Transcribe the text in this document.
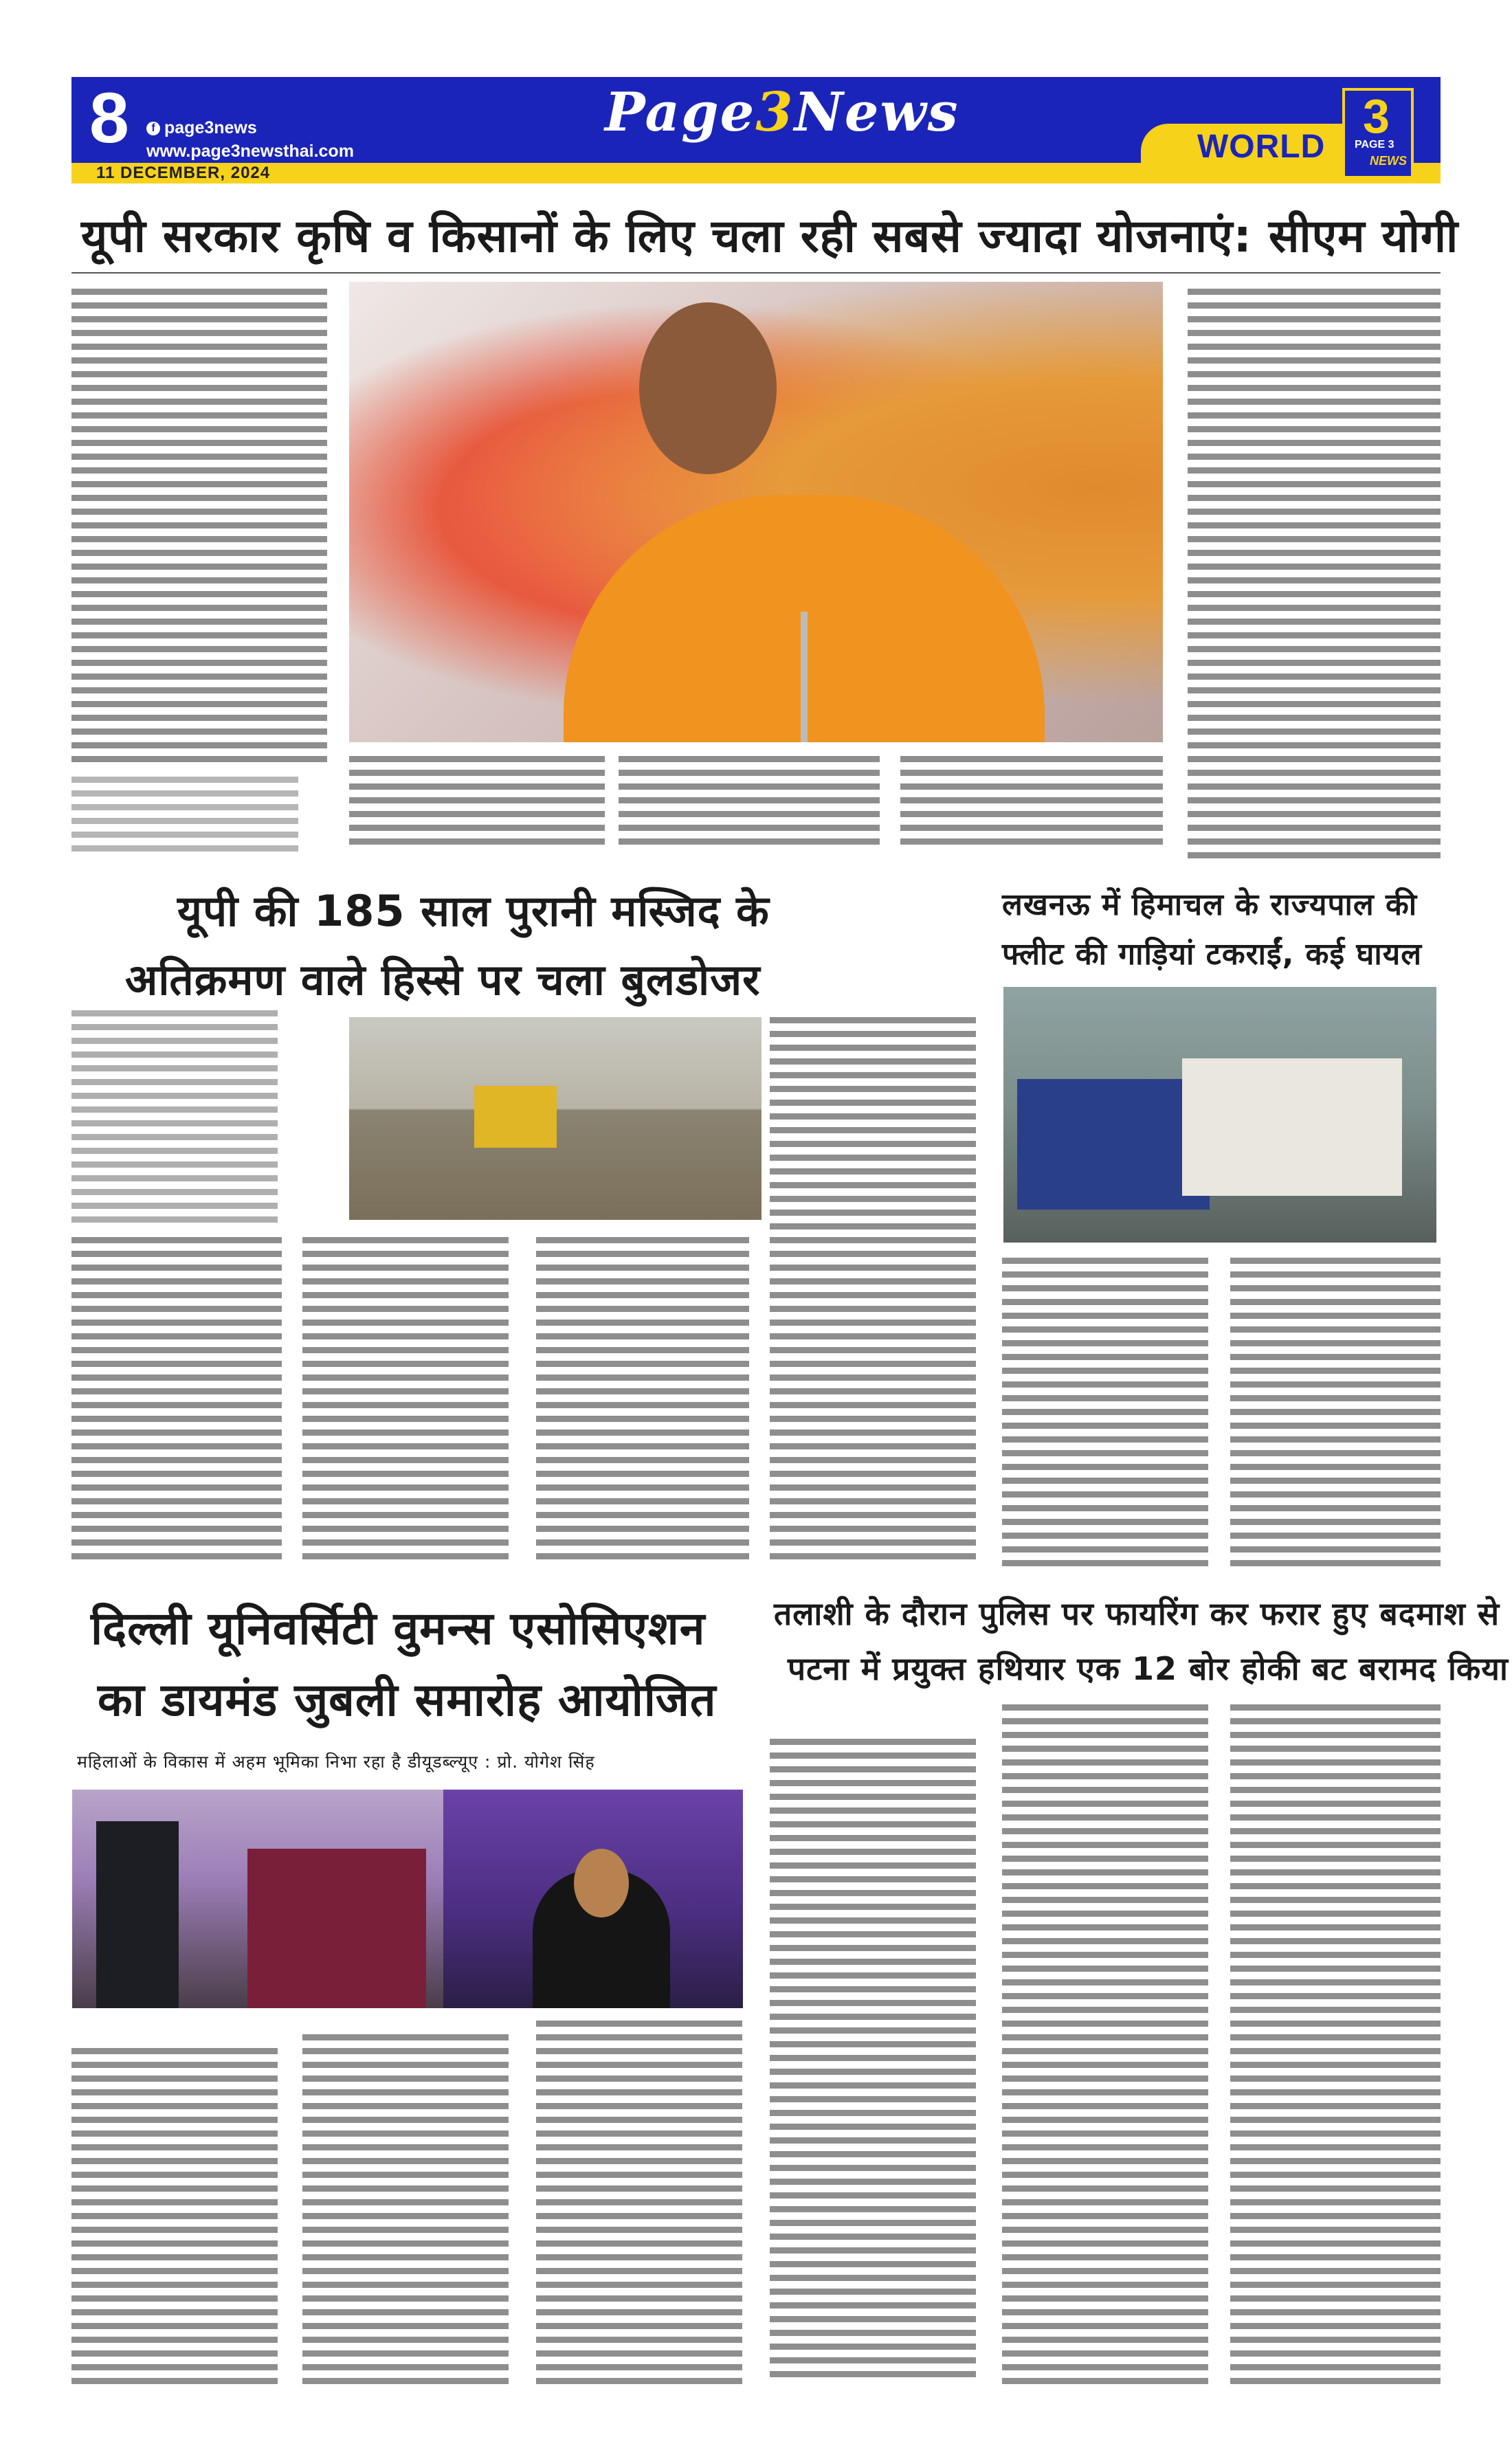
8	f page3news
www.page3newsthai.com
11 DECEMBER, 2024
Page3News
WORLD
3
PAGE 3
NEWS
यूपी सरकार कृषि व किसानों के लिए चला रही सबसे ज्यादा योजनाएं: सीएम योगी
यूपी की 185 साल पुरानी मस्जिद के
अतिक्रमण वाले हिस्से पर चला बुलडोजर
लखनऊ में हिमाचल के राज्यपाल की
फ्लीट की गाड़ियां टकराईं, कई घायल
दिल्ली यूनिवर्सिटी वुमन्स एसोसिएशन
का डायमंड जुबली समारोह आयोजित
महिलाओं के विकास में अहम भूमिका निभा रहा है डीयूडब्ल्यूए : प्रो. योगेश सिंह
तलाशी के दौरान पुलिस पर फायरिंग कर फरार हुए बदमाश से
पटना में प्रयुक्त हथियार एक 12 बोर होकी बट बरामद किया
